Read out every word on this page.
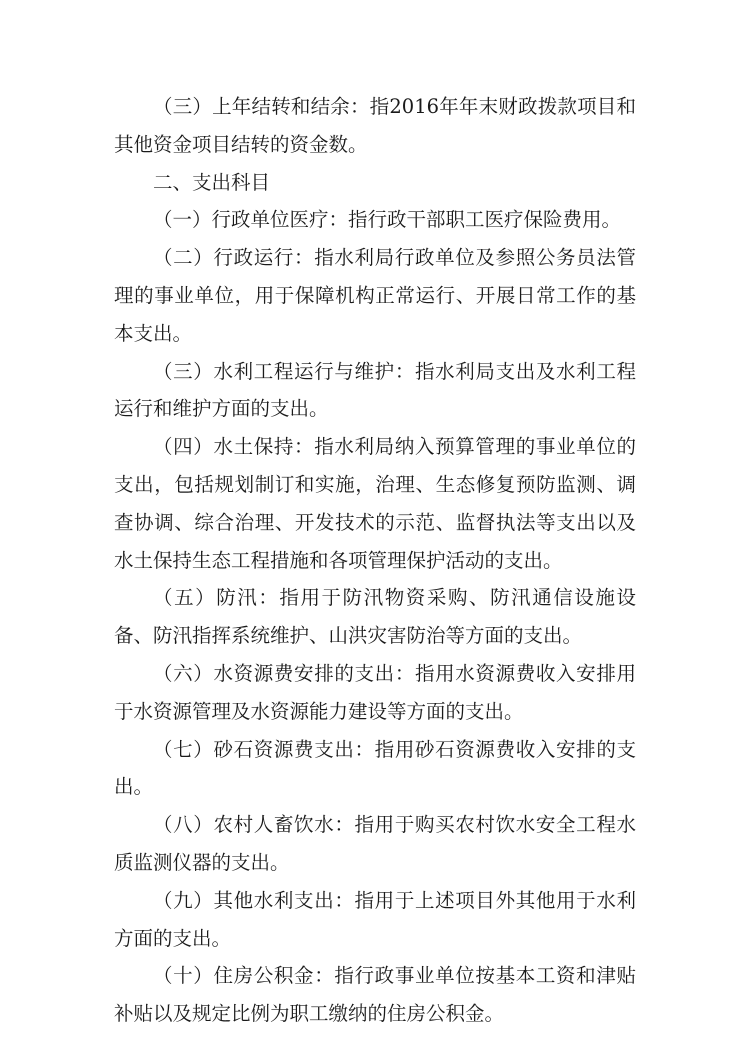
（三）上年结转和结余：指2016年年末财政拨款项目和其他资金项目结转的资金数。

二、支出科目

（一）行政单位医疗：指行政干部职工医疗保险费用。

（二）行政运行：指水利局行政单位及参照公务员法管理的事业单位，用于保障机构正常运行、开展日常工作的基本支出。

（三）水利工程运行与维护：指水利局支出及水利工程运行和维护方面的支出。

（四）水土保持：指水利局纳入预算管理的事业单位的支出，包括规划制订和实施，治理、生态修复预防监测、调查协调、综合治理、开发技术的示范、监督执法等支出以及水土保持生态工程措施和各项管理保护活动的支出。

（五）防汛：指用于防汛物资采购、防汛通信设施设备、防汛指挥系统维护、山洪灾害防治等方面的支出。

（六）水资源费安排的支出：指用水资源费收入安排用于水资源管理及水资源能力建设等方面的支出。

（七）砂石资源费支出：指用砂石资源费收入安排的支出。

（八）农村人畜饮水：指用于购买农村饮水安全工程水质监测仪器的支出。

（九）其他水利支出：指用于上述项目外其他用于水利方面的支出。

（十）住房公积金：指行政事业单位按基本工资和津贴补贴以及规定比例为职工缴纳的住房公积金。
